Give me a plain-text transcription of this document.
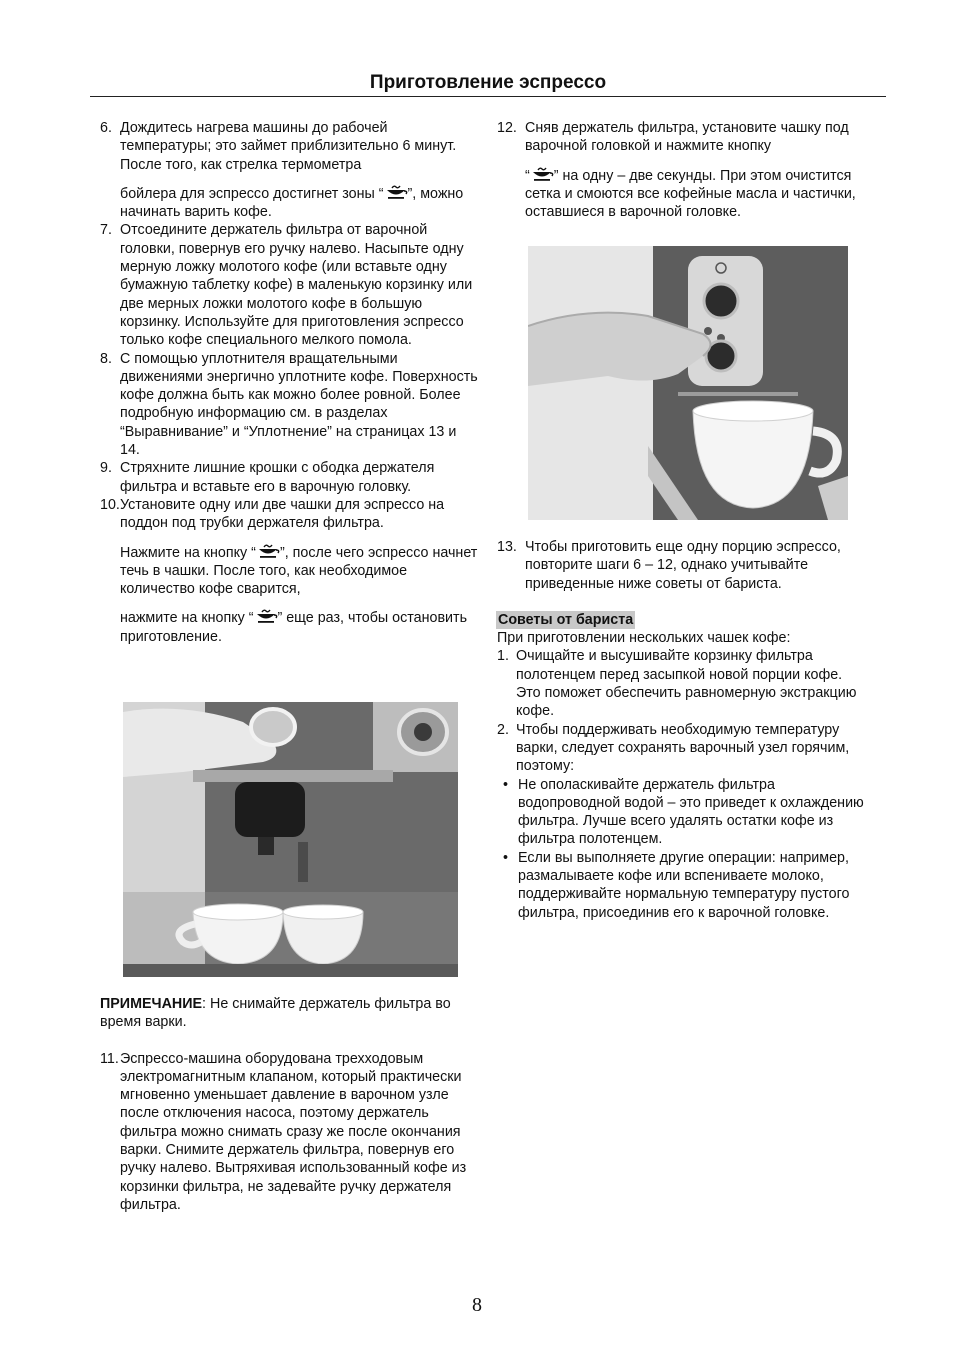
Приготовление эспрессо
6. Дождитесь нагрева машины до рабочей температуры; это займет приблизительно 6 минут. После того, как стрелка термометра
бойлера для эспрессо достигнет зоны “ ”, можно начинать варить кофе.
7. Отсоедините держатель фильтра от варочной головки, повернув его ручку налево. Насыпьте одну мерную ложку молотого кофе (или вставьте одну бумажную таблетку кофе) в маленькую корзинку или две мерных ложки молотого кофе в большую корзинку. Используйте для приготовления эспрессо только кофе специального мелкого помола.
8. С помощью уплотнителя вращательными движениями энергично уплотните кофе. Поверхность кофе должна быть как можно более ровной. Более подробную информацию см. в разделах “Выравнивание” и “Уплотнение” на страницах 13 и 14.
9. Стряхните лишние крошки с ободка держателя фильтра и вставьте его в варочную головку.
10. Установите одну или две чашки для эспрессо на поддон под трубки держателя фильтра.
Нажмите на кнопку “ ”, после чего эспрессо начнет течь в чашки. После того, как необходимое количество кофе сварится,
нажмите на кнопку “ ” еще раз, чтобы остановить приготовление.
ПРИМЕЧАНИЕ: Не снимайте держатель фильтра во время варки.
11. Эспрессо-машина оборудована трехходовым электромагнитным клапаном, который практически мгновенно уменьшает давление в варочном узле после отключения насоса, поэтому держатель фильтра можно снимать сразу же после окончания варки. Снимите держатель фильтра, повернув его ручку налево. Вытряхивая использованный кофе из корзинки фильтра, не задевайте ручку держателя фильтра.
12. Сняв держатель фильтра, установите чашку под варочной головкой и нажмите кнопку
“ ” на одну – две секунды. При этом очистится сетка и смоются все кофейные масла и частички, оставшиеся в варочной головке.
13. Чтобы приготовить еще одну порцию эспрессо, повторите шаги 6 – 12, однако учитывайте приведенные ниже советы от бариста.
Советы от бариста
При приготовлении нескольких чашек кофе:
1. Очищайте и высушивайте корзинку фильтра полотенцем перед засыпкой новой порции кофе. Это поможет обеспечить равномерную экстракцию кофе.
2. Чтобы поддерживать необходимую температуру варки, следует сохранять варочный узел горячим, поэтому:
• Не ополаскивайте держатель фильтра водопроводной водой – это приведет к охлаждению фильтра. Лучше всего удалять остатки кофе из фильтра полотенцем.
• Если вы выполняете другие операции: например, размалываете кофе или вспениваете молоко, поддерживайте нормальную температуру пустого фильтра, присоединив его к варочной головке.
8
